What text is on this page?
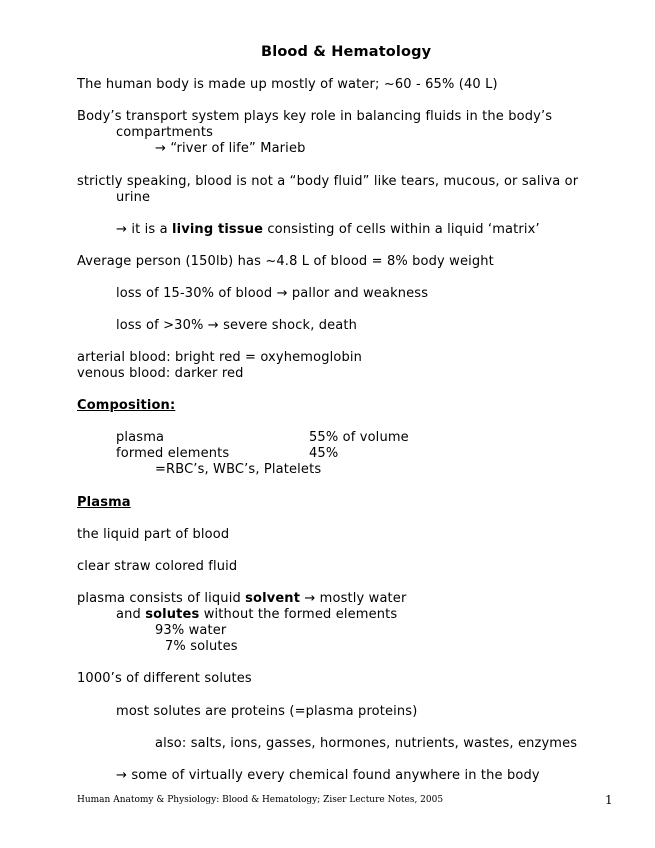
Blood & Hematology
The human body is made up mostly of water; ~60 - 65% (40 L)
Body’s transport system plays key role in balancing fluids in the body’s
compartments
→ “river of life” Marieb
strictly speaking, blood is not a “body fluid” like tears, mucous, or saliva or
urine
→ it is a living tissue consisting of cells within a liquid ‘matrix’
Average person (150lb) has ~4.8 L of blood = 8% body weight
loss of 15-30% of blood → pallor and weakness
loss of >30% → severe shock, death
arterial blood: bright red = oxyhemoglobin
venous blood: darker red
Composition:
plasma	55% of volume
formed elements	45%
=RBC’s, WBC’s, Platelets
Plasma
the liquid part of blood
clear straw colored fluid
plasma consists of liquid solvent → mostly water
and solutes without the formed elements
93% water
7% solutes
1000’s of different solutes
most solutes are proteins (=plasma proteins)
also: salts, ions, gasses, hormones, nutrients, wastes, enzymes
→ some of virtually every chemical found anywhere in the body
Human Anatomy & Physiology: Blood & Hematology; Ziser Lecture Notes, 2005	1
